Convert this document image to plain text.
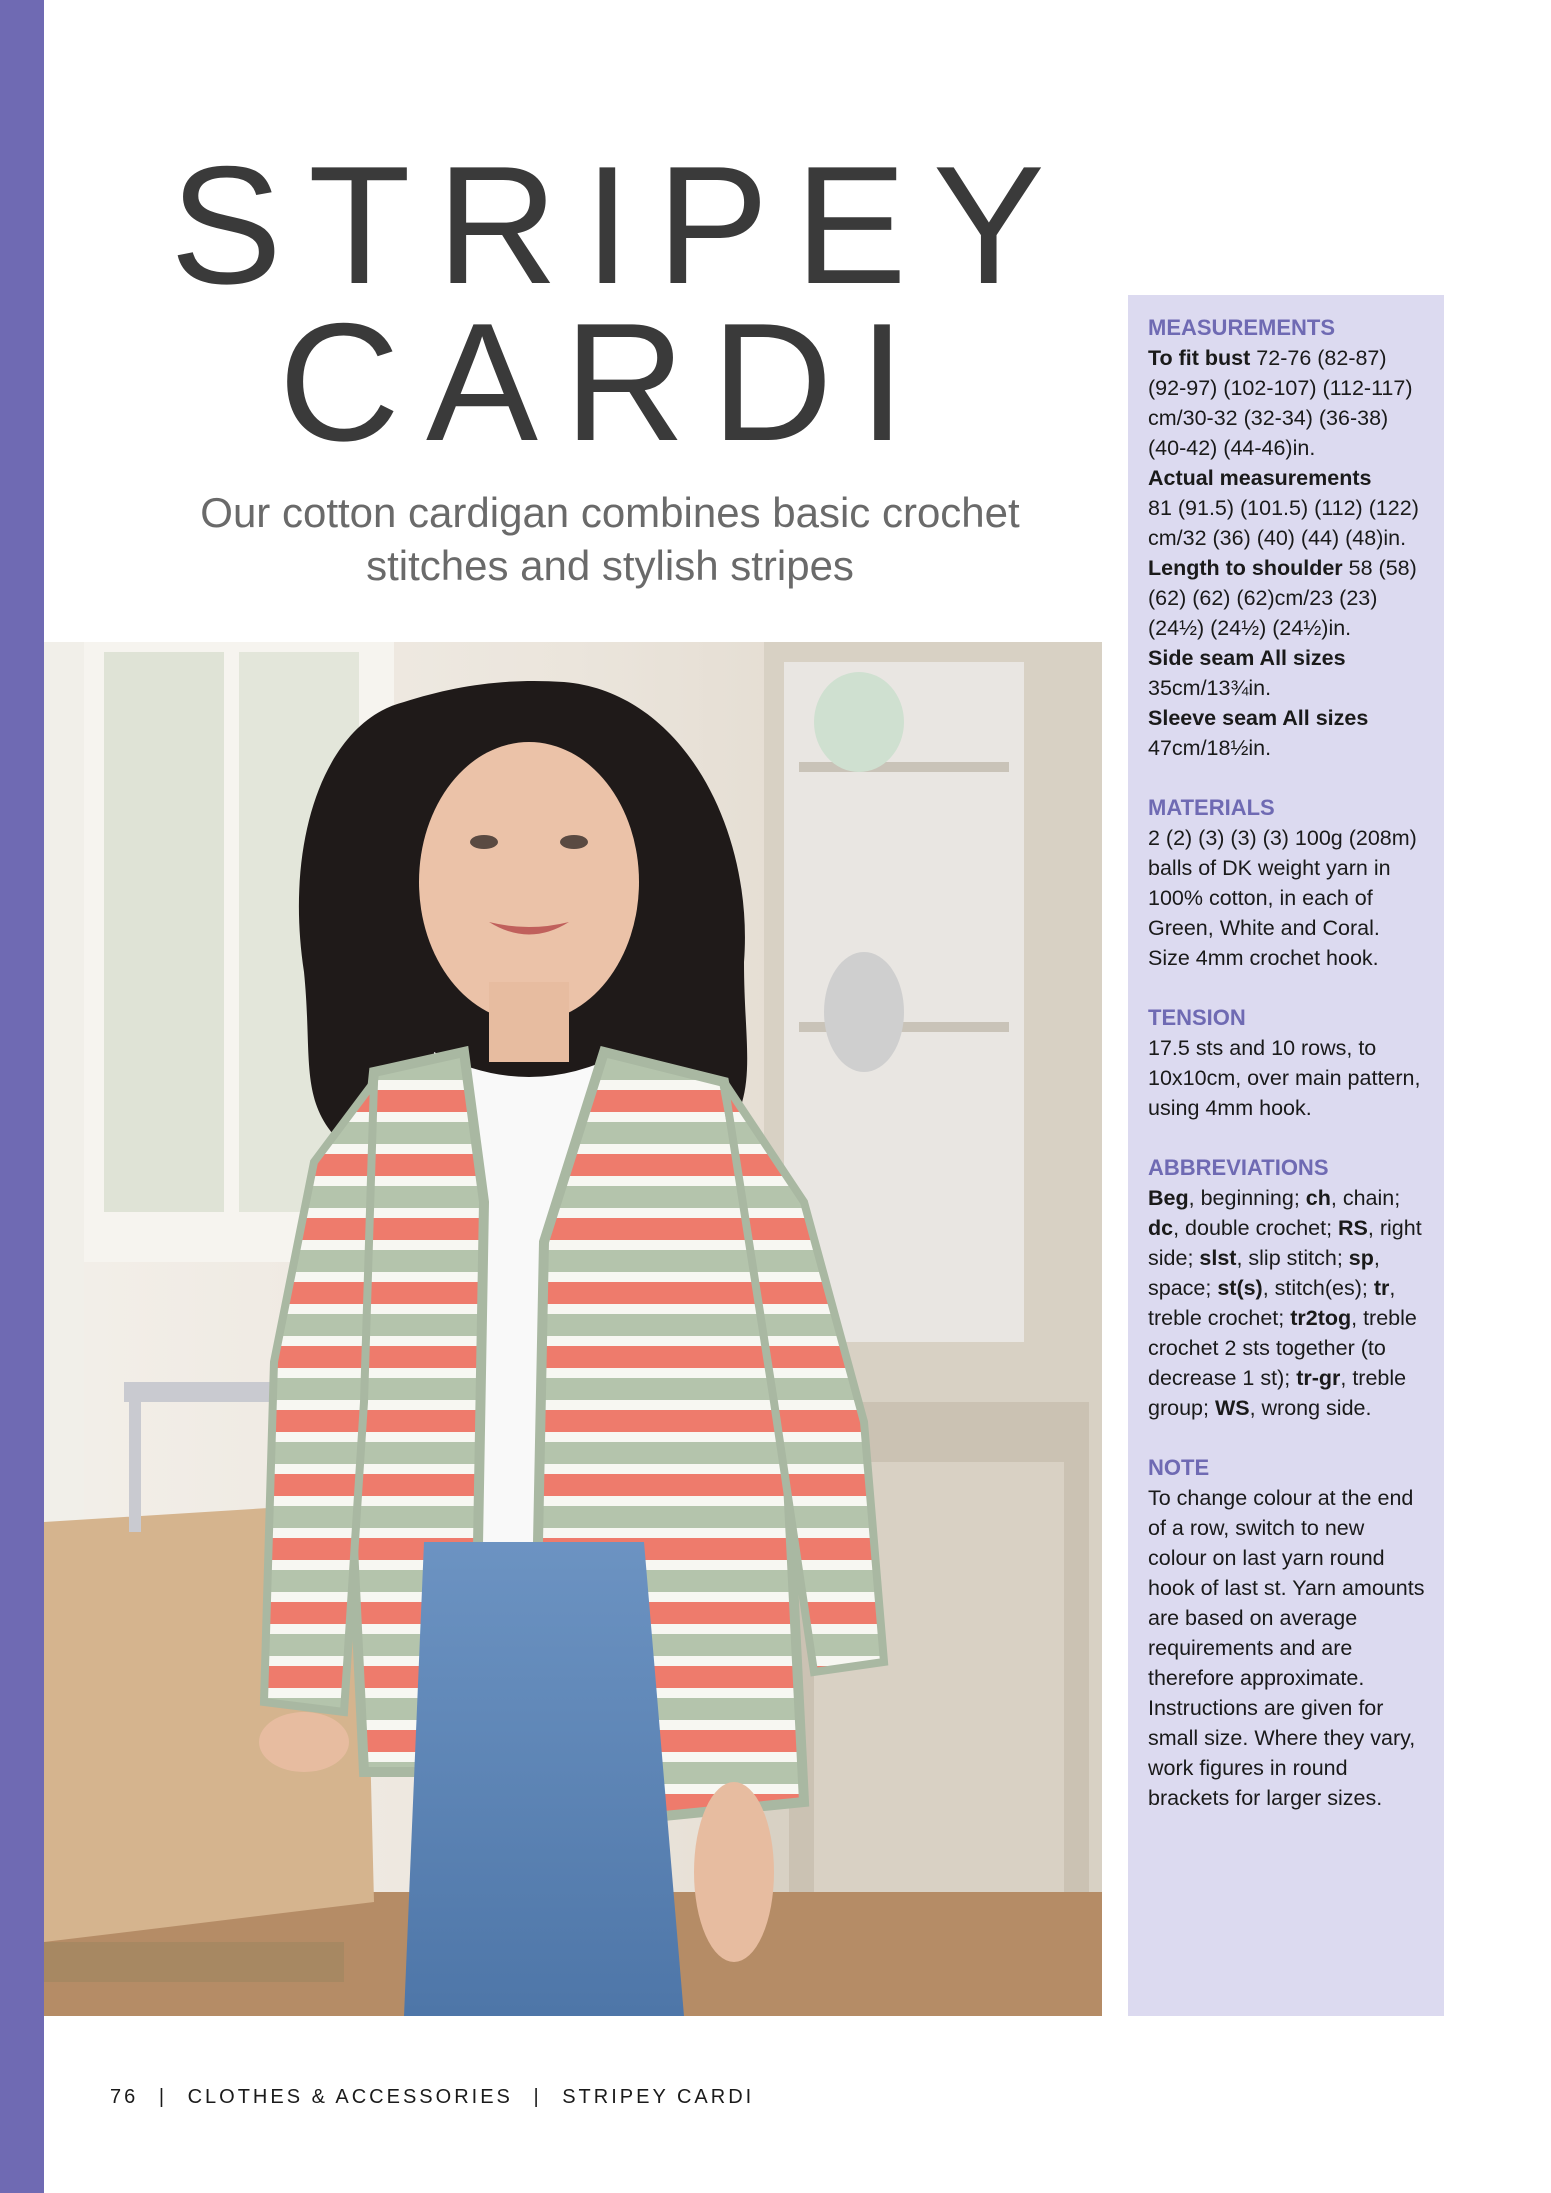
STRIPEY
CARDI

Our cotton cardigan combines basic crochet stitches and stylish stripes

MEASUREMENTS

To fit bust 72-76 (82-87) (92-97) (102-107) (112-117) cm/30-32 (32-34) (36-38) (40-42) (44-46)in.
Actual measurements
81 (91.5) (101.5) (112) (122) cm/32 (36) (40) (44) (48)in.
Length to shoulder 58 (58) (62) (62) (62)cm/23 (23) (24½) (24½) (24½)in.
Side seam All sizes
35cm/13¾in.
Sleeve seam All sizes
47cm/18½in.

MATERIALS

2 (2) (3) (3) (3) 100g (208m) balls of DK weight yarn in 100% cotton, in each of Green, White and Coral. Size 4mm crochet hook.

TENSION

17.5 sts and 10 rows, to 10x10cm, over main pattern, using 4mm hook.

ABBREVIATIONS

Beg, beginning; ch, chain; dc, double crochet; RS, right side; slst, slip stitch; sp, space; st(s), stitch(es); tr, treble crochet; tr2tog, treble crochet 2 sts together (to decrease 1 st); tr-gr, treble group; WS, wrong side.

NOTE

To change colour at the end of a row, switch to new colour on last yarn round hook of last st. Yarn amounts are based on average requirements and are therefore approximate. Instructions are given for small size. Where they vary, work figures in round brackets for larger sizes.

76 | CLOTHES & ACCESSORIES | STRIPEY CARDI
